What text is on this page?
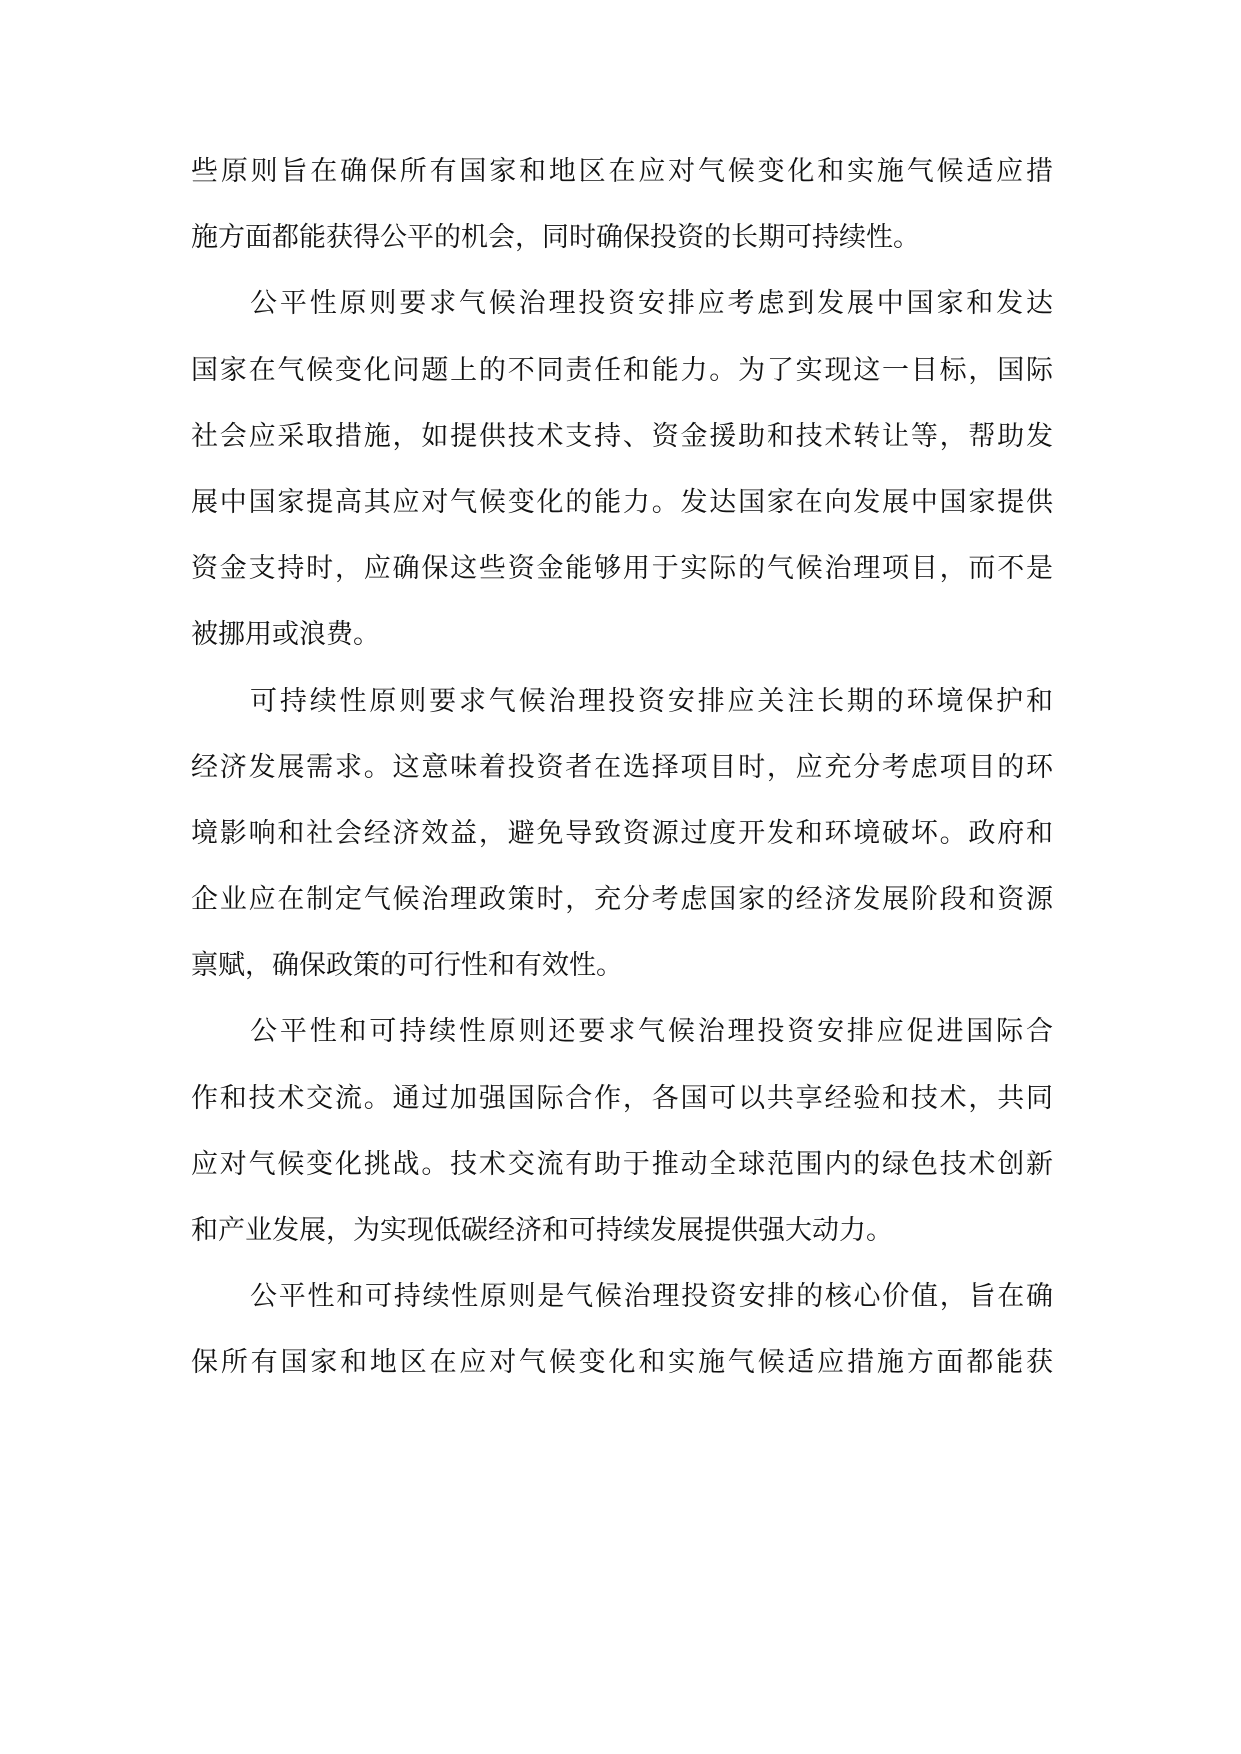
些原则旨在确保所有国家和地区在应对气候变化和实施气候适应措
施方面都能获得公平的机会，同时确保投资的长期可持续性。
公平性原则要求气候治理投资安排应考虑到发展中国家和发达
国家在气候变化问题上的不同责任和能力。为了实现这一目标，国际
社会应采取措施，如提供技术支持、资金援助和技术转让等，帮助发
展中国家提高其应对气候变化的能力。发达国家在向发展中国家提供
资金支持时，应确保这些资金能够用于实际的气候治理项目，而不是
被挪用或浪费。
可持续性原则要求气候治理投资安排应关注长期的环境保护和
经济发展需求。这意味着投资者在选择项目时，应充分考虑项目的环
境影响和社会经济效益，避免导致资源过度开发和环境破坏。政府和
企业应在制定气候治理政策时，充分考虑国家的经济发展阶段和资源
禀赋，确保政策的可行性和有效性。
公平性和可持续性原则还要求气候治理投资安排应促进国际合
作和技术交流。通过加强国际合作，各国可以共享经验和技术，共同
应对气候变化挑战。技术交流有助于推动全球范围内的绿色技术创新
和产业发展，为实现低碳经济和可持续发展提供强大动力。
公平性和可持续性原则是气候治理投资安排的核心价值，旨在确
保所有国家和地区在应对气候变化和实施气候适应措施方面都能获
